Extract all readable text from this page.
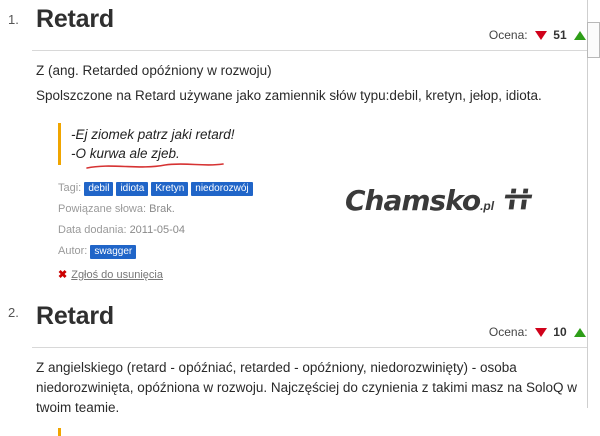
1. Retard
Ocena: 51

Z (ang. Retarded opóźniony w rozwoju)

Spolszczone na Retard używane jako zamiennik słów typu:debil, kretyn, jełop, idiota.

-Ej ziomek patrz jaki retard!
-O kurwa ale zjeb.
Tagi: debil idiota Kretyn niedorozwój
Powiązane słowa: Brak.
Data dodania: 2011-05-04
Autor: swagger
✖ Zgłoś do usunięcia
2. Retard
Ocena: 10

Z angielskiego (retard - opóźniać, retarded - opóźniony, niedorozwinięty) - osoba niedorozwinięta, opóźniona w rozwoju. Najczęściej do czynienia z takimi masz na SoloQ w twoim teamie.

Chamsko.pl
